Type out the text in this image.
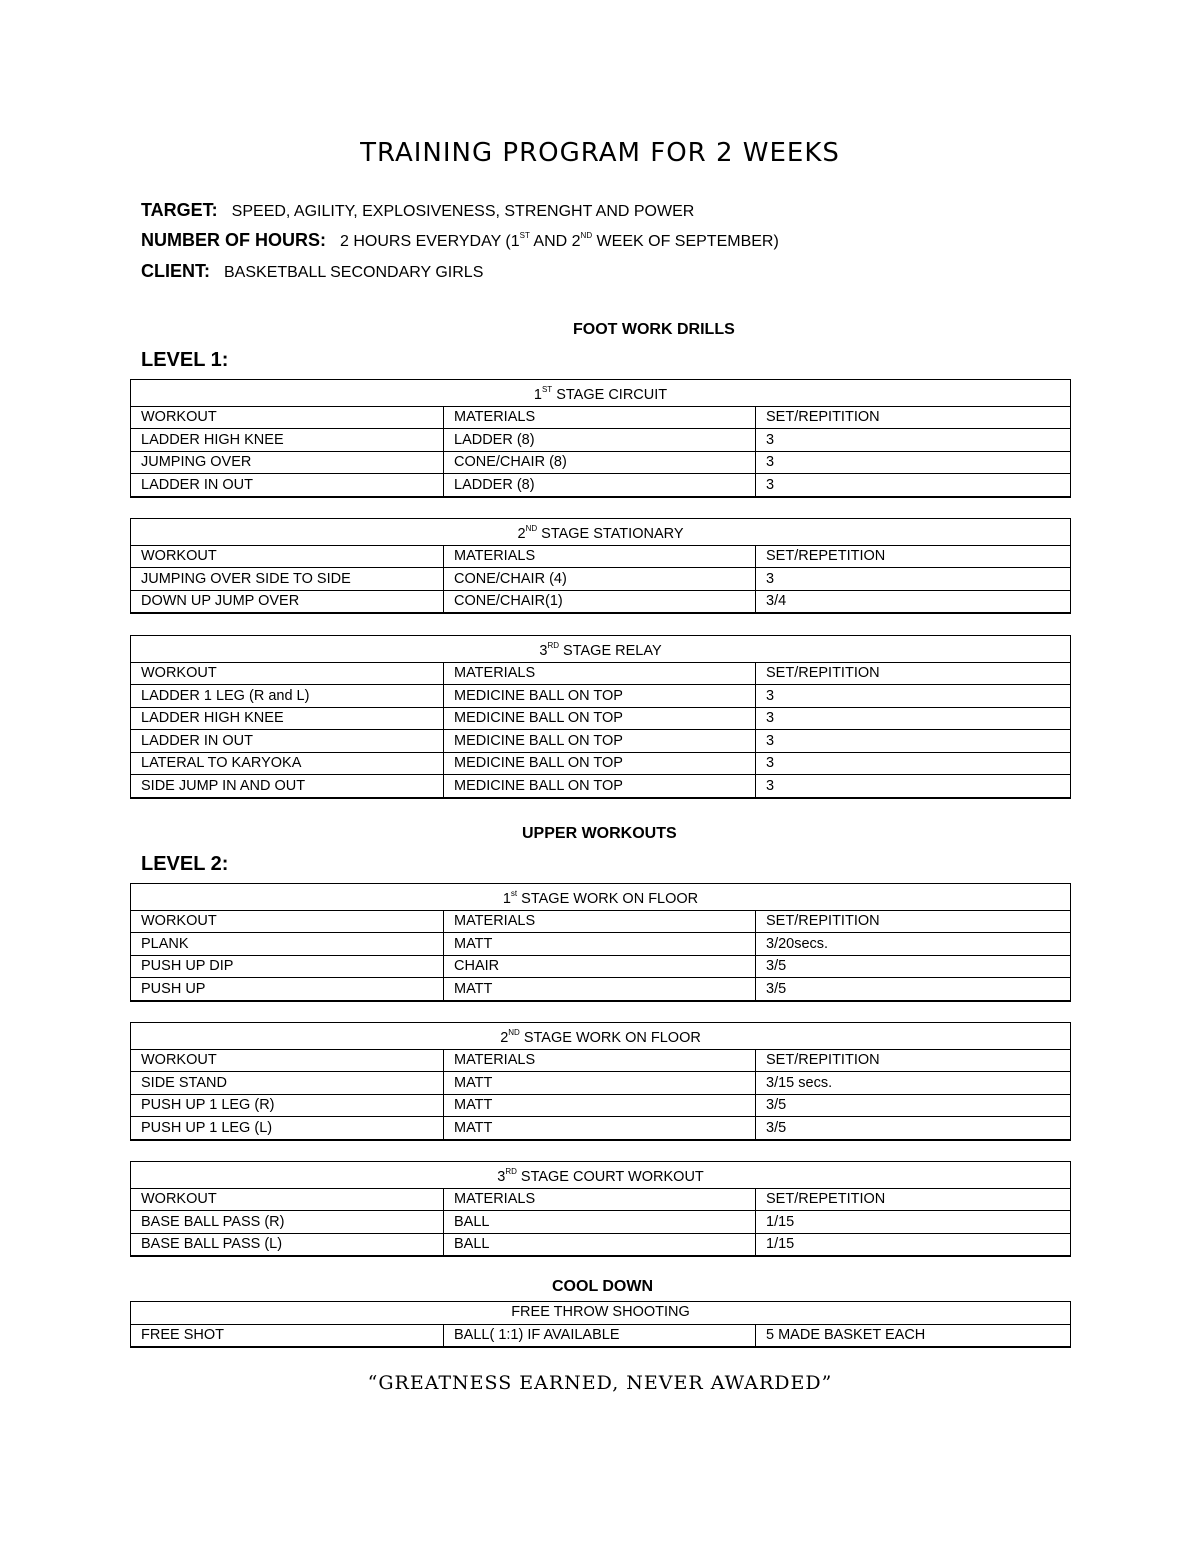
TRAINING PROGRAM FOR 2 WEEKS
TARGET: SPEED, AGILITY, EXPLOSIVENESS, STRENGHT AND POWER
NUMBER OF HOURS: 2 HOURS EVERYDAY (1ST AND 2ND WEEK OF SEPTEMBER)
CLIENT: BASKETBALL SECONDARY GIRLS
FOOT WORK DRILLS
LEVEL 1:
1ST STAGE CIRCUIT		
WORKOUT	MATERIALS	SET/REPITITION
LADDER HIGH KNEE	LADDER (8)	3
JUMPING OVER	CONE/CHAIR (8)	3
LADDER IN OUT	LADDER (8)	3
2ND STAGE STATIONARY		
WORKOUT	MATERIALS	SET/REPETITION
JUMPING OVER SIDE TO SIDE	CONE/CHAIR (4)	3
DOWN UP JUMP OVER	CONE/CHAIR(1)	3/4
3RD STAGE RELAY		
WORKOUT	MATERIALS	SET/REPITITION
LADDER 1 LEG (R and L)	MEDICINE BALL ON TOP	3
LADDER HIGH KNEE	MEDICINE BALL ON TOP	3
LADDER IN OUT	MEDICINE BALL ON TOP	3
LATERAL TO KARYOKA	MEDICINE BALL ON TOP	3
SIDE JUMP IN AND OUT	MEDICINE BALL ON TOP	3
UPPER WORKOUTS
LEVEL 2:
1st STAGE WORK ON FLOOR		
WORKOUT	MATERIALS	SET/REPITITION
PLANK	MATT	3/20secs.
PUSH UP DIP	CHAIR	3/5
PUSH UP	MATT	3/5
2ND STAGE WORK ON FLOOR		
WORKOUT	MATERIALS	SET/REPITITION
SIDE STAND	MATT	3/15 secs.
PUSH UP 1 LEG (R)	MATT	3/5
PUSH UP 1 LEG (L)	MATT	3/5
3RD STAGE COURT WORKOUT		
WORKOUT	MATERIALS	SET/REPETITION
BASE BALL PASS (R)	BALL	1/15
BASE BALL PASS (L)	BALL	1/15
COOL DOWN
FREE THROW SHOOTING
FREE SHOT	BALL( 1:1) IF AVAILABLE	5 MADE BASKET EACH
“GREATNESS EARNED, NEVER AWARDED”
